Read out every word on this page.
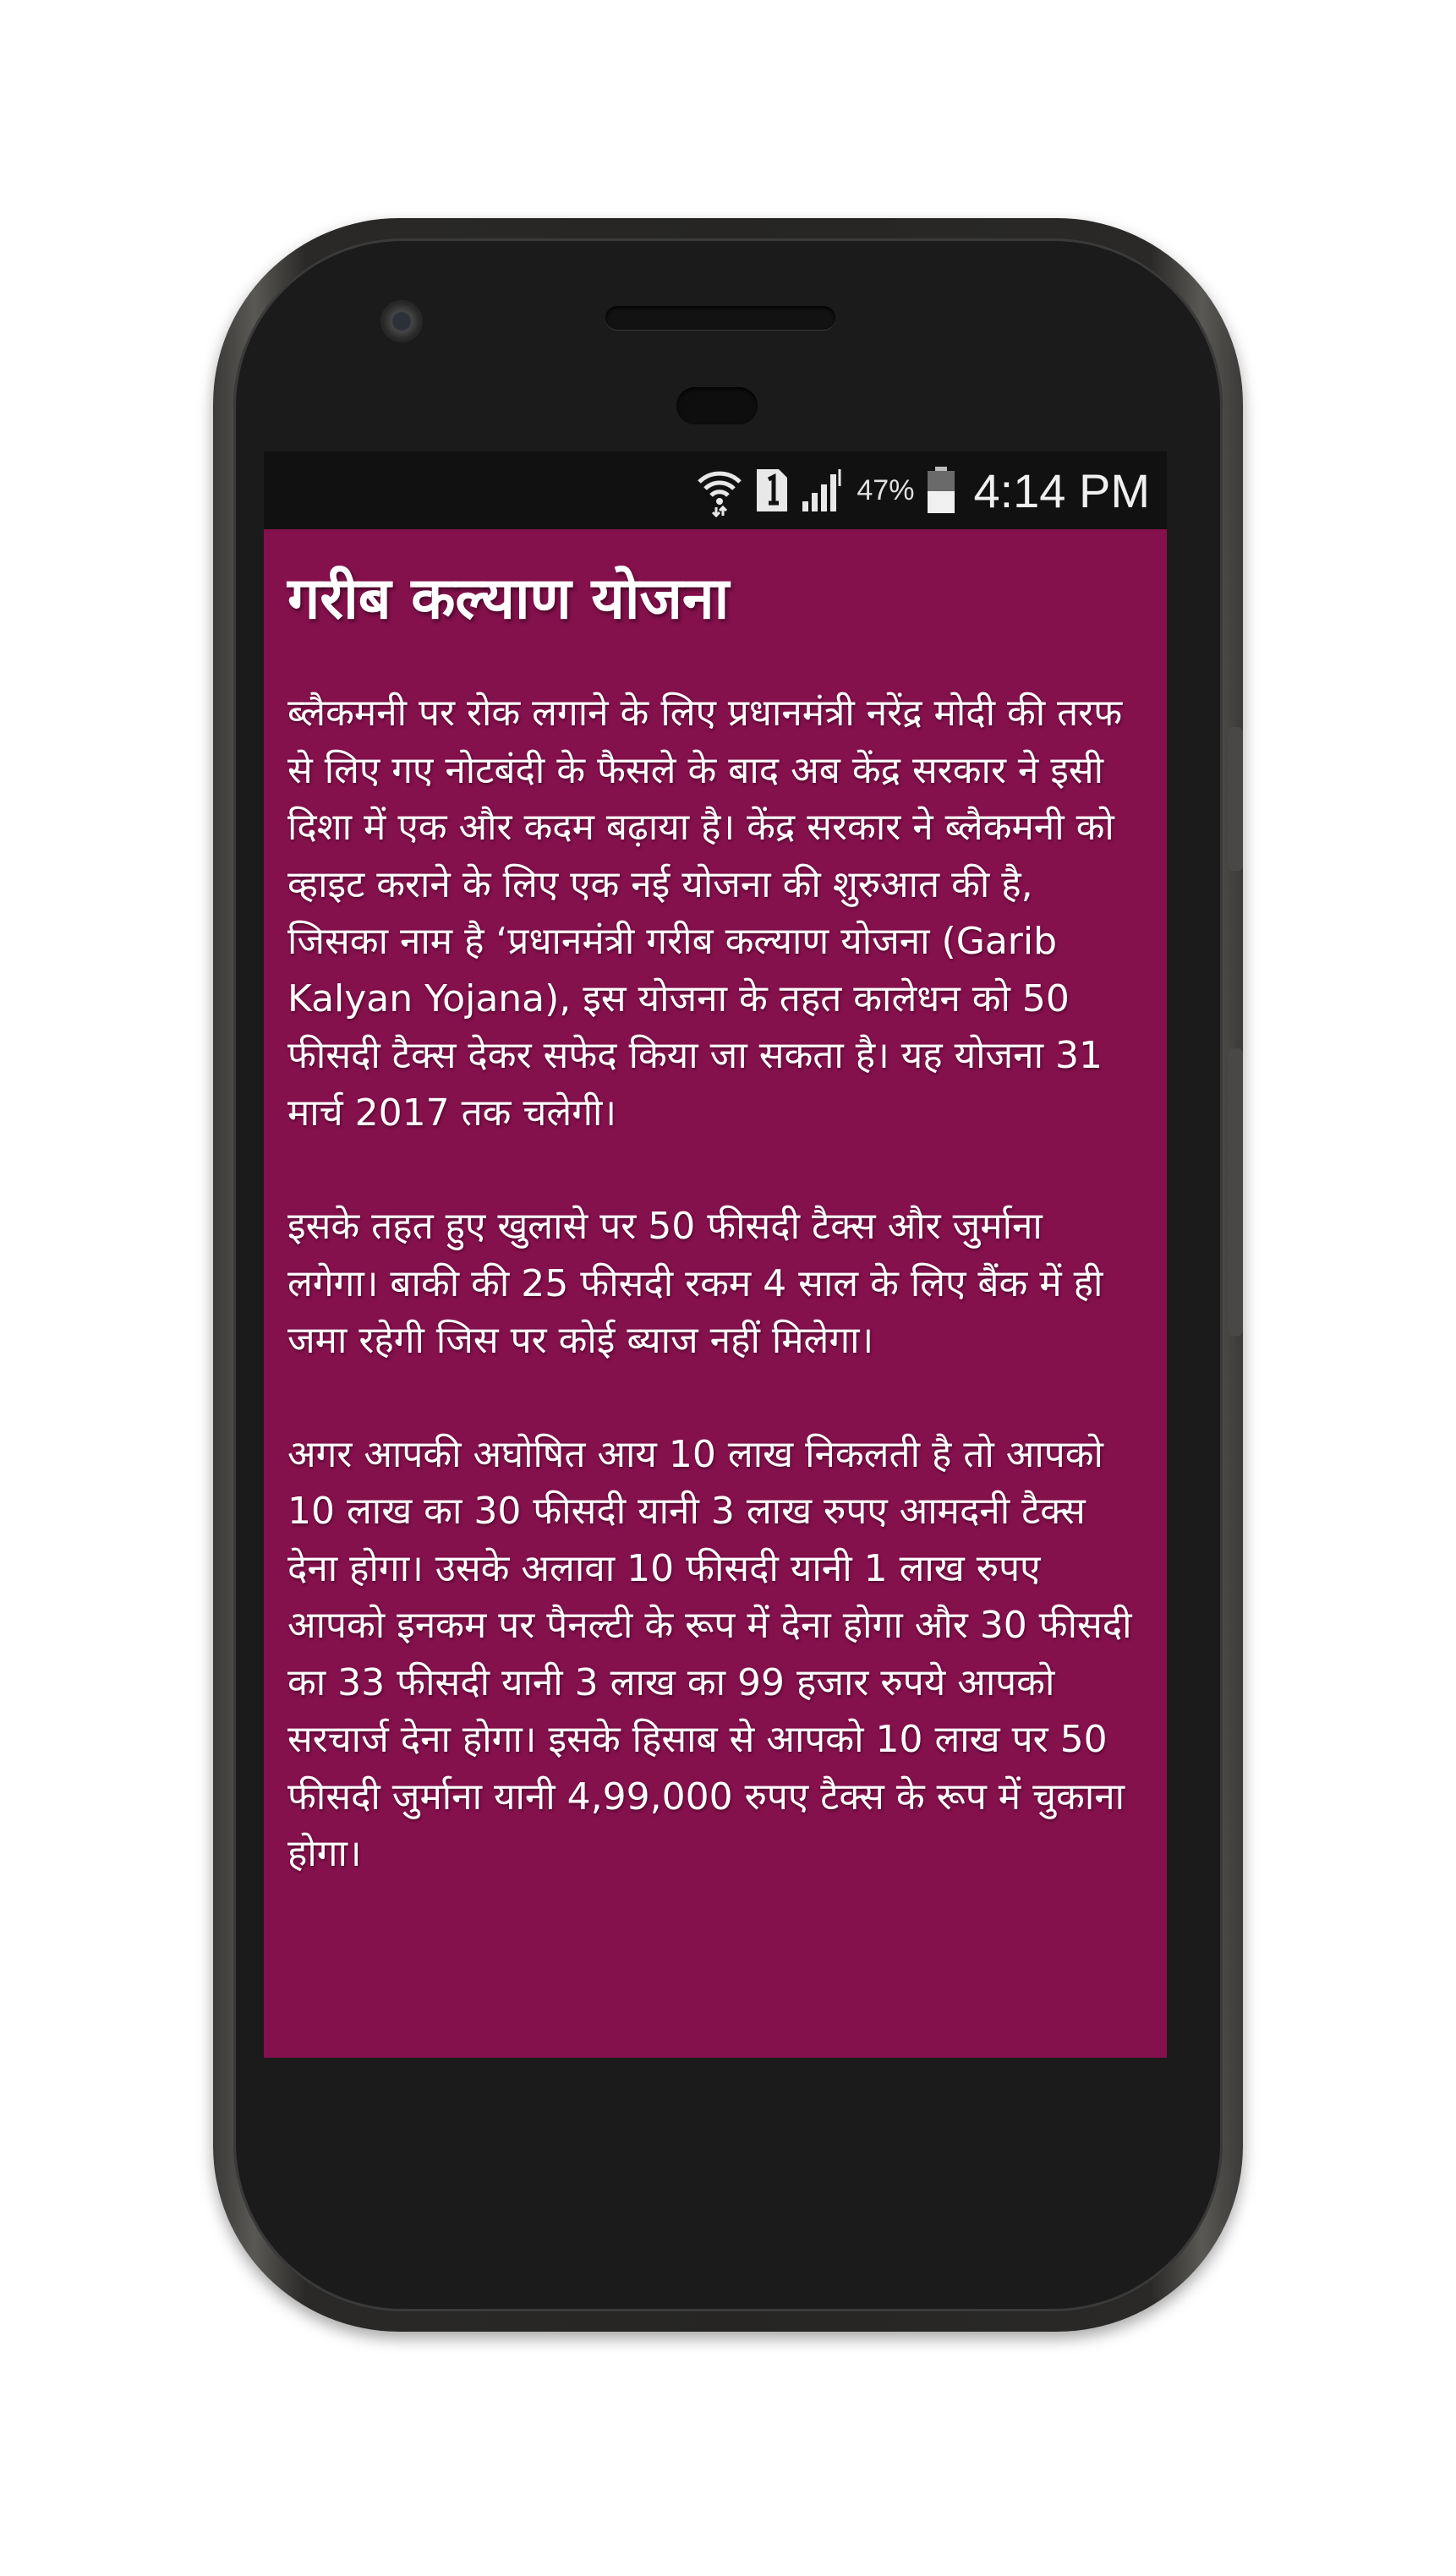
47% 4:14 PM
गरीब कल्याण योजना

ब्लैकमनी पर रोक लगाने के लिए प्रधानमंत्री नरेंद्र मोदी की तरफ से लिए गए नोटबंदी के फैसले के बाद अब केंद्र सरकार ने इसी दिशा में एक और कदम बढ़ाया है। केंद्र सरकार ने ब्लैकमनी को व्हाइट कराने के लिए एक नई योजना की शुरुआत की है, जिसका नाम है ‘प्रधानमंत्री गरीब कल्याण योजना (Garib Kalyan Yojana), इस योजना के तहत कालेधन को 50 फीसदी टैक्स देकर सफेद किया जा सकता है। यह योजना 31 मार्च 2017 तक चलेगी।

इसके तहत हुए खुलासे पर 50 फीसदी टैक्स और जुर्माना लगेगा। बाकी की 25 फीसदी रकम 4 साल के लिए बैंक में ही जमा रहेगी जिस पर कोई ब्याज नहीं मिलेगा।

अगर आपकी अघोषित आय 10 लाख निकलती है तो आपको 10 लाख का 30 फीसदी यानी 3 लाख रुपए आमदनी टैक्स देना होगा। उसके अलावा 10 फीसदी यानी 1 लाख रुपए आपको इनकम पर पैनल्टी के रूप में देना होगा और 30 फीसदी का 33 फीसदी यानी 3 लाख का 99 हजार रुपये आपको सरचार्ज देना होगा। इसके हिसाब से आपको 10 लाख पर 50 फीसदी जुर्माना यानी 4,99,000 रुपए टैक्स के रूप में चुकाना होगा।
